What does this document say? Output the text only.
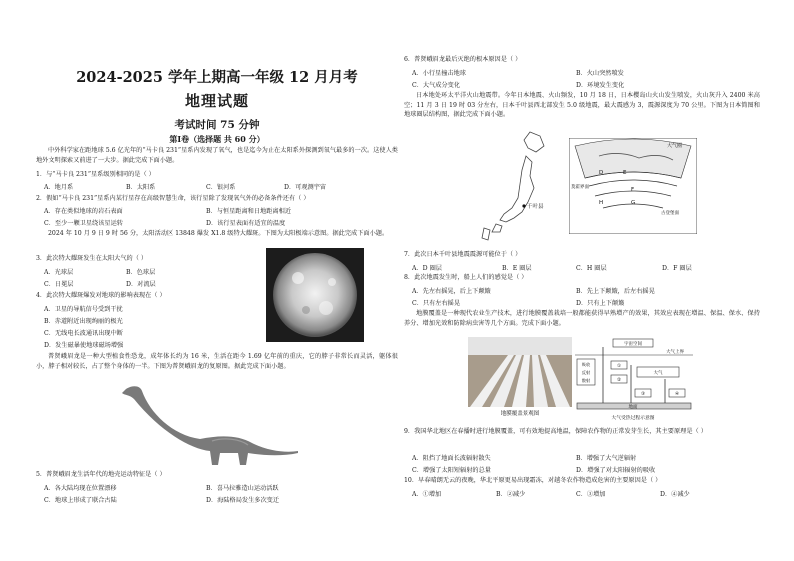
2024-2025 学年上期高一年级 12 月月考
地理试题
考试时间 75 分钟
第Ⅰ卷（选择题 共 60 分）
中外科学家在距地球 5.6 亿光年的“马卡良 231”星系内发现了氧气，也是迄今为止在太阳系外探测到氧气最多的一次。这使人类地外文明探索又前进了一大步。据此完成下面小题。
1．与“马卡良 231”星系级别相同的是（ ）
A．地月系	B．太阳系	C．银河系	D．可观测宇宙
2．假如“马卡良 231”星系内某行星存在高级智慧生命，该行星除了发现氧气外的必备条件还有（ ）
A．存在类似地球的岩石表面	B．与恒星距离和日地距离相近
C．至少一颗卫星绕该星运转	D．该行星表面有适宜的温度
2024 年 10 月 9 日 9 时 56 分，太阳活动区 13848 爆发 X1.8 级特大耀斑。下图为太阳极端示意图。据此完成下面小题。
3．此次特大耀斑发生在太阳大气的（ ）
A．光球层	B．色球层
C．日冕层	D．对流层
4．此次特大耀斑爆发对地球的影响表现在（ ）
A．卫星的导航信号受到干扰
B．赤道附近出现绚丽的极光
C．无线电长波通讯出现中断
D．发生磁暴使地球磁场增强
普贤峨眉龙是一种大型植食性恐龙，成年体长约为 16 米，生活在距今 1.69 亿年前的重庆，它的脖子非常长而灵活，躯体很小，脖子相对较长，占了整个身体的一半。下图为普贤峨眉龙的复原图。据此完成下面小题。
5．普贤峨眉龙生活年代的地壳运动特征是（ ）
A．各大陆均现在位置漂移	B．喜马拉雅造山运动活跃
C．地球上形成了联合古陆	D．海陆格局发生多次变迁
6．普贤峨眉龙最后灭绝的根本原因是（ ）
A．小行星撞击地球	B．火山突然喷发
C．大气成分变化	D．环境发生变化
日本地处环太平洋火山地震带。今年日本地震、火山频发，10 月 18 日，日本樱岛山火山发生喷发，火山灰升入 2400 米高空；11 月 3 日 19 时 03 分左右，日本千叶县西北部发生 5.0 级地震，最大震感为 3，震源深度为 70 公里。下图为日本简图和地球圈层结构图，据此完成下面小题。
千叶县
大气圈
D	E
F
G
H
莫霍界面
古登堡面
7．此次日本千叶县地震震源可能位于（ ）
A．D 圈层	B．E 圈层	C．H 圈层	D．F 圈层
8．此次地震发生时，船上人们的感觉是（ ）
A．先左右摇晃，后上下颠簸	B．先上下颠簸，后左右摇晃
C．只有左右摇晃	D．只有上下颠簸
地膜覆盖是一种现代农业生产技术，进行地膜覆盖栽培一般都能获得早熟增产的效果，其效应表现在增温、保温、保水、保持养分、增加光效和防除病虫害等几个方面。完成下面小题。
地膜覆盖景观图
宇宙空间
大气上界
吸收
反射
散射
①
②
大气
③	④
地面
大气受热过程示意图
9．我国华北地区在春播时进行地膜覆盖，可有效地提高地温，保障农作物的正常发芽生长，其主要原理是（ ）
A．阻挡了地面长波辐射散失	B．增强了大气逆辐射
C．增强了太阳短辐射的总量	D．增强了对太阳辐射的吸收
10．早春晴朗无云的夜晚，华北平原更易出现霜冻，对越冬农作物造成危害的主要原因是（ ）
A．①增加	B．②减少	C．③增加	D．④减少
